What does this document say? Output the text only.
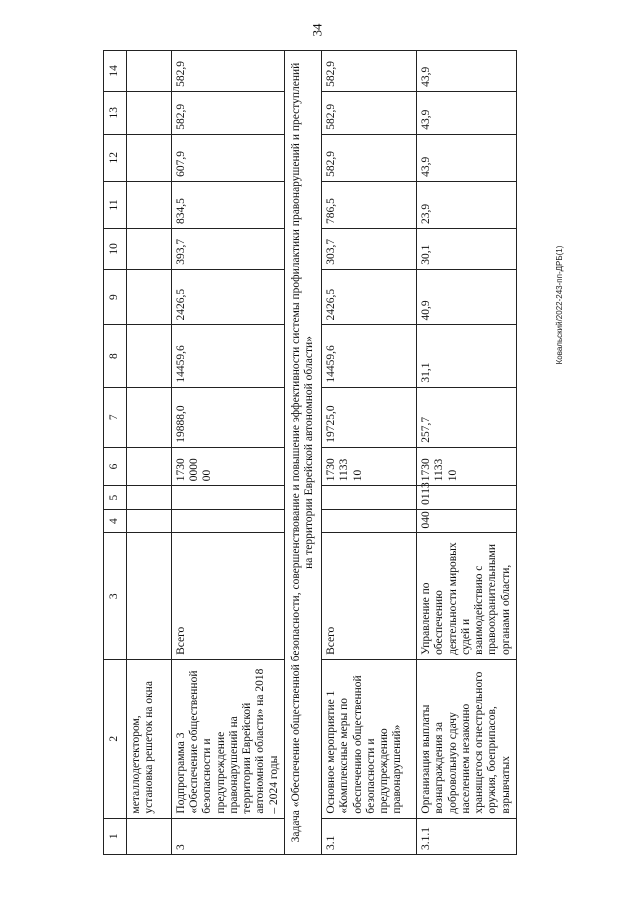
34
Ковальский/2022-243-пп-ДРБ(1)
1	2	3	4	5	6	7	8	9	10	11	12	13	14
	металлодетектором, установка решеток на окна												
3	Подпрограмма 3 «Обеспечение общественной безопасности и предупреждение правонарушений на территории Еврейской автономной области» на 2018 – 2024 годы	Всего			1730 0000 00	19888,0	14459,6	2426,5	393,7	834,5	607,9	582,9	582,9
Задача «Обеспечение общественной безопасности, совершенствование и повышение эффективности системы профилактики правонарушений и преступлений на территории Еврейской автономной области»													
3.1	Основное мероприятие 1 «Комплексные меры по обеспечению общественной безопасности и предупреждению правонарушений»	Всего			1730 1133 10	19725,0	14459,6	2426,5	303,7	786,5	582,9	582,9	582,9
3.1.1	Организация выплаты вознаграждения за добровольную сдачу населением незаконно хранящегося огнестрельного оружия, боеприпасов, взрывчатых	Управление по обеспечению деятельности мировых судей и взаимодействию с правоохранительными органами области,	040	0113	1730 1133 10	257,7	31,1	40,9	30,1	23,9	43,9	43,9	43,9
